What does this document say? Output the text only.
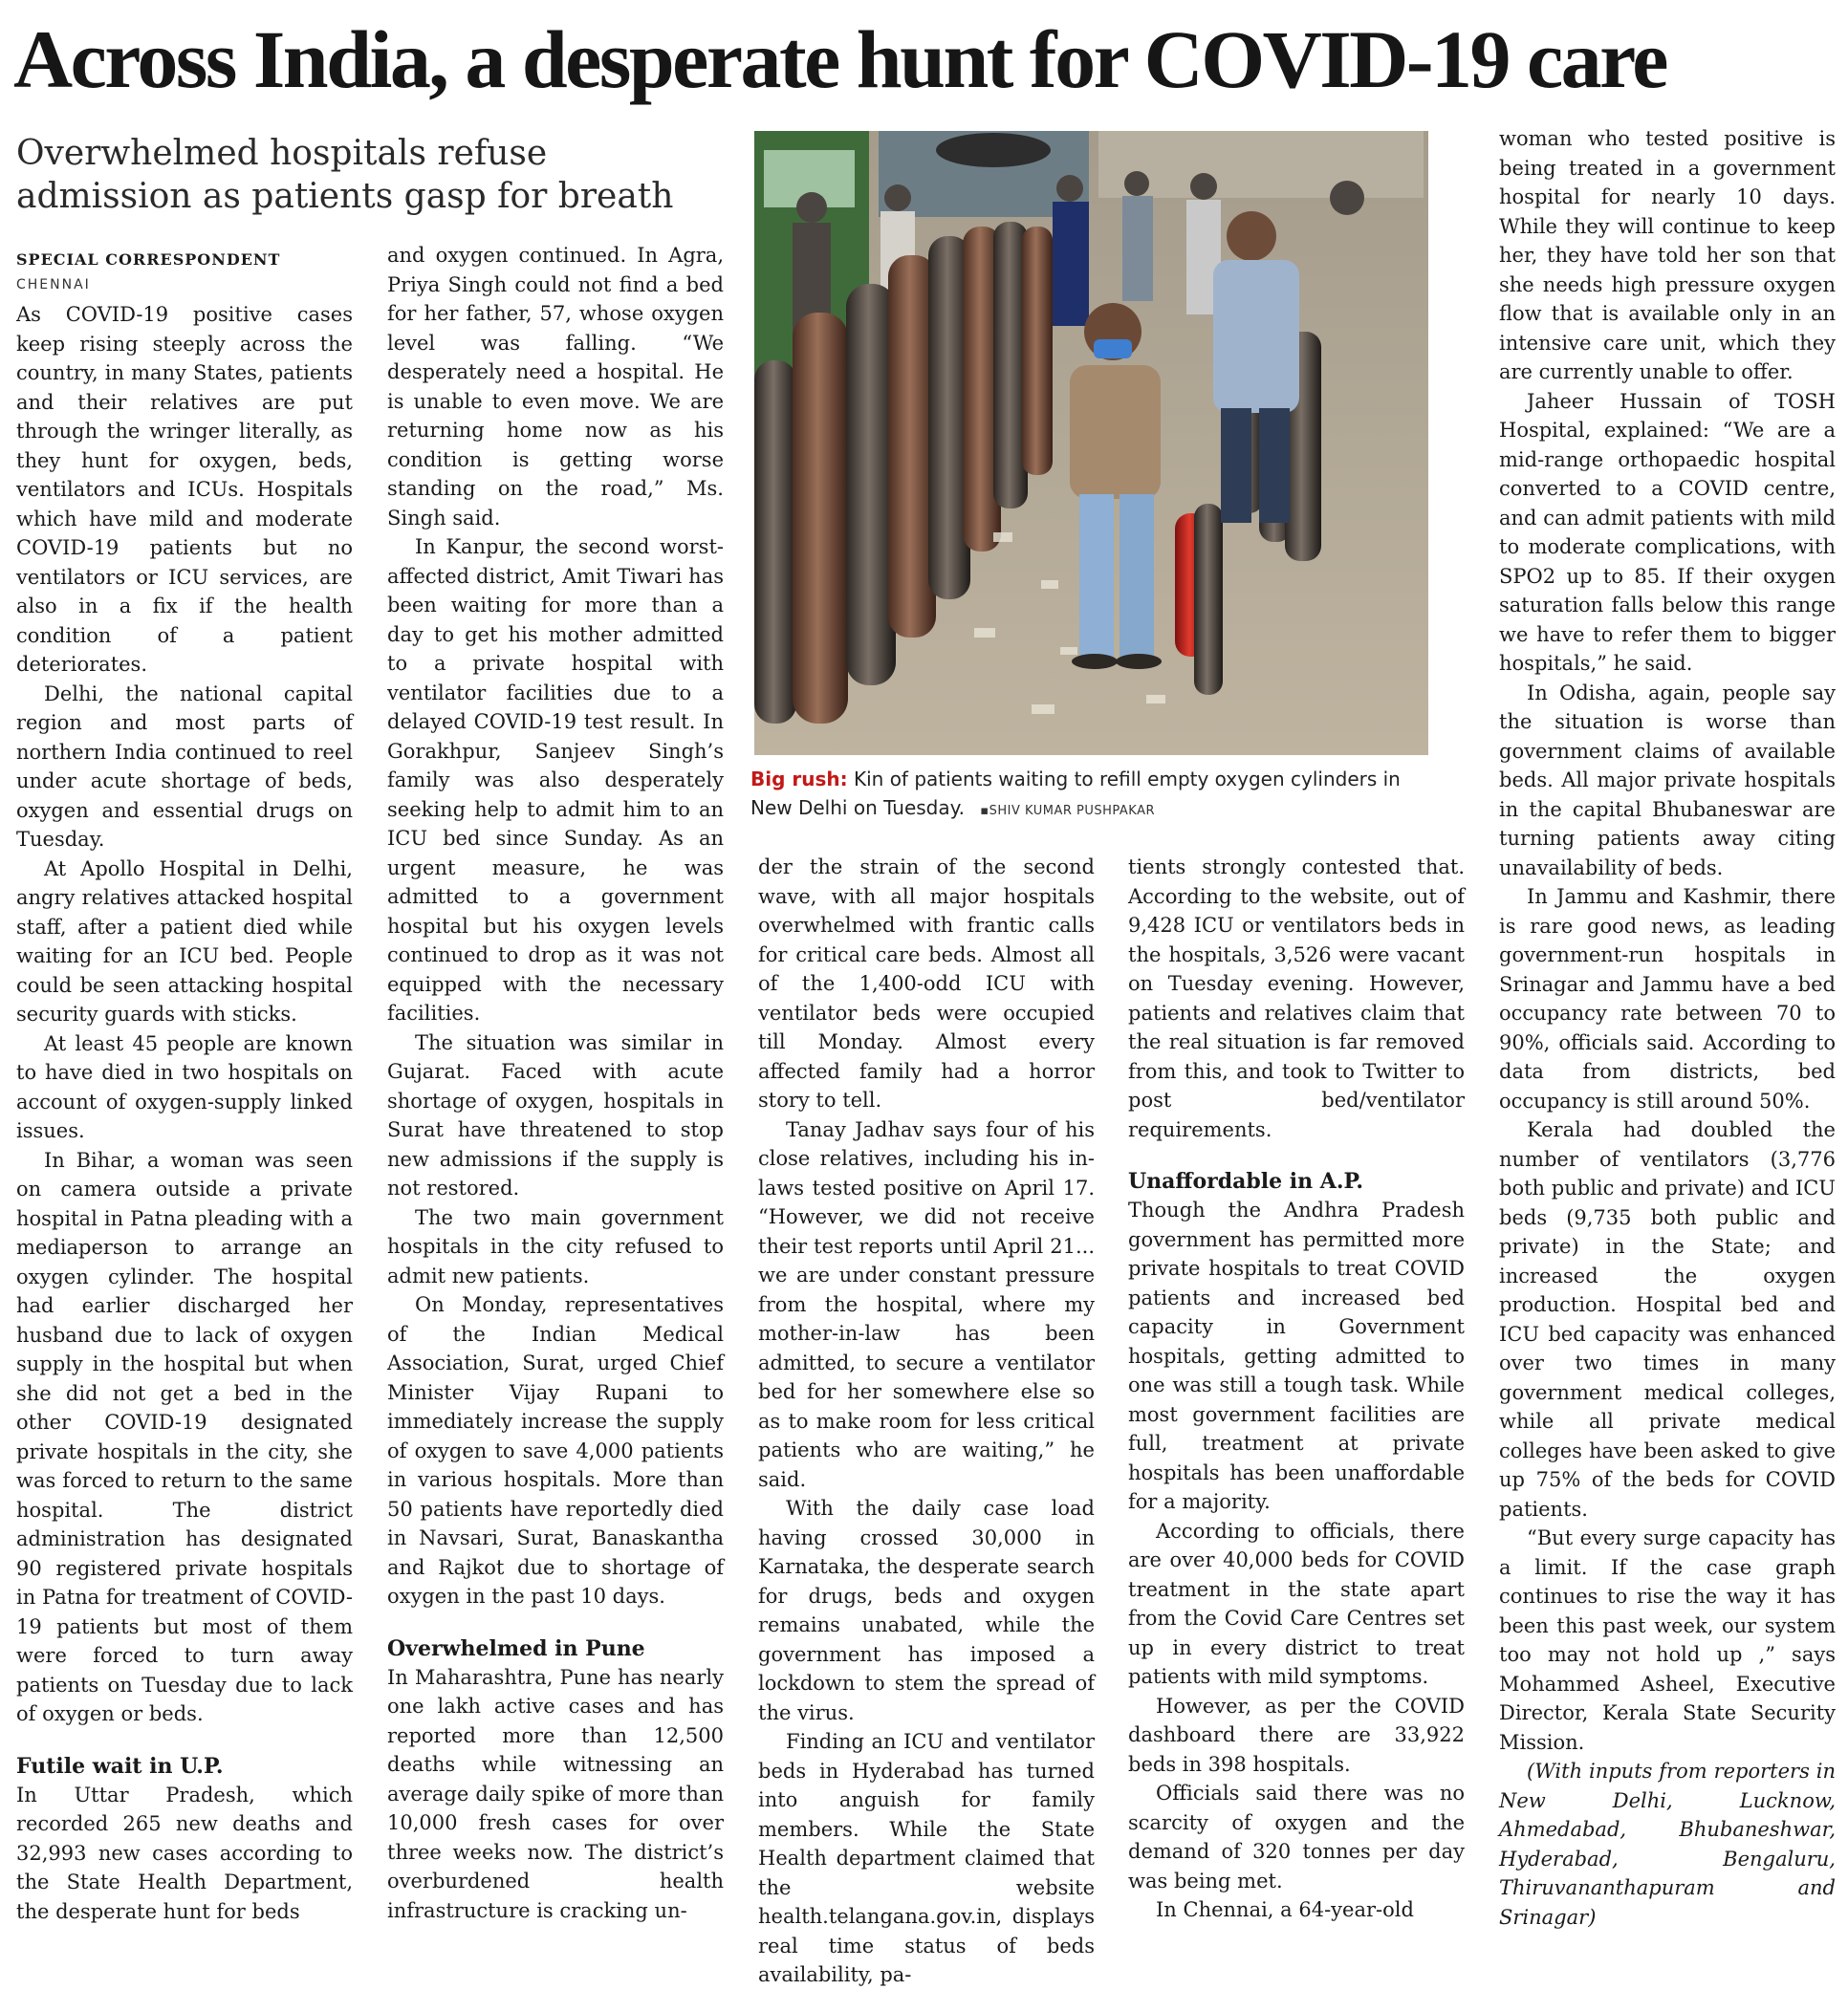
Across India, a desperate hunt for COVID-19 care
Overwhelmed hospitals refuse admission as patients gasp for breath
SPECIAL CORRESPONDENT
CHENNAI

As COVID-19 positive cases keep rising steeply across the country, in many States, patients and their relatives are put through the wringer literally, as they hunt for oxygen, beds, ventilators and ICUs. Hospitals which have mild and moderate COVID-19 patients but no ventilators or ICU services, are also in a fix if the health condition of a patient deteriorates.

Delhi, the national capital region and most parts of northern India continued to reel under acute shortage of beds, oxygen and essential drugs on Tuesday.

At Apollo Hospital in Delhi, angry relatives attacked hospital staff, after a patient died while waiting for an ICU bed. People could be seen attacking hospital security guards with sticks.

At least 45 people are known to have died in two hospitals on account of oxygen-supply linked issues.

In Bihar, a woman was seen on camera outside a private hospital in Patna pleading with a mediaperson to arrange an oxygen cylinder. The hospital had earlier discharged her husband due to lack of oxygen supply in the hospital but when she did not get a bed in the other COVID-19 designated private hospitals in the city, she was forced to return to the same hospital. The district administration has designated 90 registered private hospitals in Patna for treatment of COVID-19 patients but most of them were forced to turn away patients on Tuesday due to lack of oxygen or beds.

Futile wait in U.P.

In Uttar Pradesh, which recorded 265 new deaths and 32,993 new cases according to the State Health Department, the desperate hunt for beds

and oxygen continued. In Agra, Priya Singh could not find a bed for her father, 57, whose oxygen level was falling. “We desperately need a hospital. He is unable to even move. We are returning home now as his condition is getting worse standing on the road,” Ms. Singh said.

In Kanpur, the second worst-affected district, Amit Tiwari has been waiting for more than a day to get his mother admitted to a private hospital with ventilator facilities due to a delayed COVID-19 test result. In Gorakhpur, Sanjeev Singh’s family was also desperately seeking help to admit him to an ICU bed since Sunday. As an urgent measure, he was admitted to a government hospital but his oxygen levels continued to drop as it was not equipped with the necessary facilities.

The situation was similar in Gujarat. Faced with acute shortage of oxygen, hospitals in Surat have threatened to stop new admissions if the supply is not restored.

The two main government hospitals in the city refused to admit new patients.

On Monday, representatives of the Indian Medical Association, Surat, urged Chief Minister Vijay Rupani to immediately increase the supply of oxygen to save 4,000 patients in various hospitals. More than 50 patients have reportedly died in Navsari, Surat, Banaskantha and Rajkot due to shortage of oxygen in the past 10 days.

Overwhelmed in Pune

In Maharashtra, Pune has nearly one lakh active cases and has reported more than 12,500 deaths while witnessing an average daily spike of more than 10,000 fresh cases for over three weeks now. The district’s overburdened health infrastructure is cracking un-

Big rush: Kin of patients waiting to refill empty oxygen cylinders in New Delhi on Tuesday. ▪SHIV KUMAR PUSHPAKAR

der the strain of the second wave, with all major hospitals overwhelmed with frantic calls for critical care beds. Almost all of the 1,400-odd ICU with ventilator beds were occupied till Monday. Almost every affected family had a horror story to tell.

Tanay Jadhav says four of his close relatives, including his in-laws tested positive on April 17. “However, we did not receive their test reports until April 21... we are under constant pressure from the hospital, where my mother-in-law has been admitted, to secure a ventilator bed for her somewhere else so as to make room for less critical patients who are waiting,” he said.

With the daily case load having crossed 30,000 in Karnataka, the desperate search for drugs, beds and oxygen remains unabated, while the government has imposed a lockdown to stem the spread of the virus.

Finding an ICU and ventilator beds in Hyderabad has turned into anguish for family members. While the State Health department claimed that the website health.telangana.gov.in, displays real time status of beds availability, pa-

tients strongly contested that. According to the website, out of 9,428 ICU or ventilators beds in the hospitals, 3,526 were vacant on Tuesday evening. However, patients and relatives claim that the real situation is far removed from this, and took to Twitter to post bed/ventilator requirements.

Unaffordable in A.P.

Though the Andhra Pradesh government has permitted more private hospitals to treat COVID patients and increased bed capacity in Government hospitals, getting admitted to one was still a tough task. While most government facilities are full, treatment at private hospitals has been unaffordable for a majority.

According to officials, there are over 40,000 beds for COVID treatment in the state apart from the Covid Care Centres set up in every district to treat patients with mild symptoms.

However, as per the COVID dashboard there are 33,922 beds in 398 hospitals.

Officials said there was no scarcity of oxygen and the demand of 320 tonnes per day was being met.

In Chennai, a 64-year-old

woman who tested positive is being treated in a government hospital for nearly 10 days. While they will continue to keep her, they have told her son that she needs high pressure oxygen flow that is available only in an intensive care unit, which they are currently unable to offer.

Jaheer Hussain of TOSH Hospital, explained: “We are a mid-range orthopaedic hospital converted to a COVID centre, and can admit patients with mild to moderate complications, with SPO2 up to 85. If their oxygen saturation falls below this range we have to refer them to bigger hospitals,” he said.

In Odisha, again, people say the situation is worse than government claims of available beds. All major private hospitals in the capital Bhubaneswar are turning patients away citing unavailability of beds.

In Jammu and Kashmir, there is rare good news, as leading government-run hospitals in Srinagar and Jammu have a bed occupancy rate between 70 to 90%, officials said. According to data from districts, bed occupancy is still around 50%.

Kerala had doubled the number of ventilators (3,776 both public and private) and ICU beds (9,735 both public and private) in the State; and increased the oxygen production. Hospital bed and ICU bed capacity was enhanced over two times in many government medical colleges, while all private medical colleges have been asked to give up 75% of the beds for COVID patients.

“But every surge capacity has a limit. If the case graph continues to rise the way it has been this past week, our system too may not hold up ,” says Mohammed Asheel, Executive Director, Kerala State Security Mission.

(With inputs from reporters in New Delhi, Lucknow, Ahmedabad, Bhubaneshwar, Hyderabad, Bengaluru, Thiruvananthapuram and Srinagar)
